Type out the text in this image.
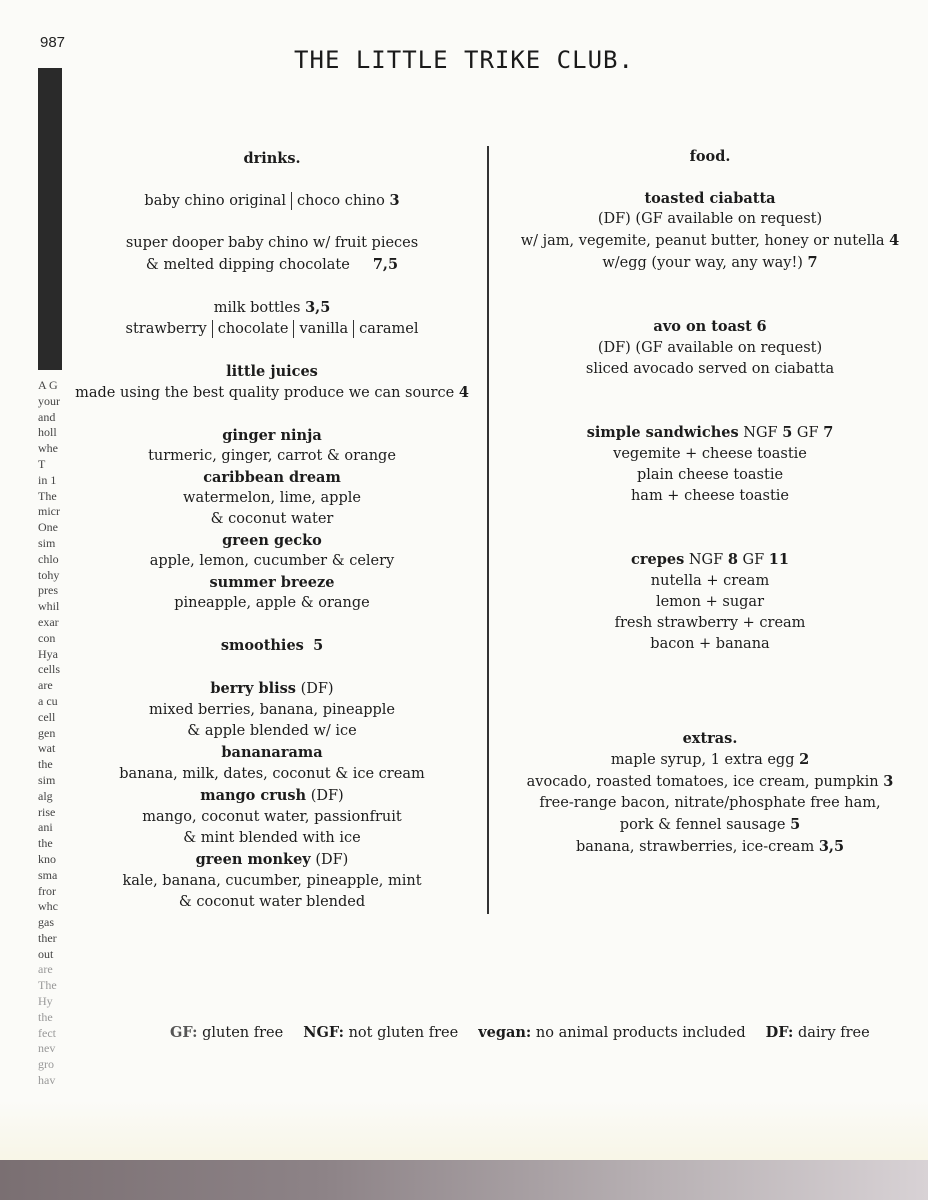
987
A G
your
and
holl
whe
T
in 1
The
micr
One
sim
chlo
tohy
pres
whil
exar
con
Hya
cells
are
a cu
cell
gen
wat
the
sim
alg
rise
ani
the
kno
sma
fror
whc
gas
ther
out
are
The
Hy
the
fect
nev
gro
hav
THE LITTLE TRIKE CLUB.
drinks.
baby chino original choco chino 3
super dooper baby chino w/ fruit pieces
& melted dipping chocolate 7,5
milk bottles 3,5
strawberry chocolate vanilla caramel
little juices
made using the best quality produce we can source 4
ginger ninja
turmeric, ginger, carrot & orange
caribbean dream
watermelon, lime, apple
& coconut water
green gecko
apple, lemon, cucumber & celery
summer breeze
pineapple, apple & orange
smoothies 5
berry bliss (DF)
mixed berries, banana, pineapple
& apple blended w/ ice
bananarama
banana, milk, dates, coconut & ice cream
mango crush (DF)
mango, coconut water, passionfruit
& mint blended with ice
green monkey (DF)
kale, banana, cucumber, pineapple, mint
& coconut water blended
food.
toasted ciabatta
(DF) (GF available on request)
w/ jam, vegemite, peanut butter, honey or nutella 4
w/egg (your way, any way!) 7
avo on toast 6
(DF) (GF available on request)
sliced avocado served on ciabatta
simple sandwiches NGF 5 GF 7
vegemite + cheese toastie
plain cheese toastie
ham + cheese toastie
crepes NGF 8 GF 11
nutella + cream
lemon + sugar
fresh strawberry + cream
bacon + banana
extras.
maple syrup, 1 extra egg 2
avocado, roasted tomatoes, ice cream, pumpkin 3
free-range bacon, nitrate/phosphate free ham,
pork & fennel sausage 5
banana, strawberries, ice-cream 3,5
GF: gluten free NGF: not gluten free vegan: no animal products included DF: dairy free
